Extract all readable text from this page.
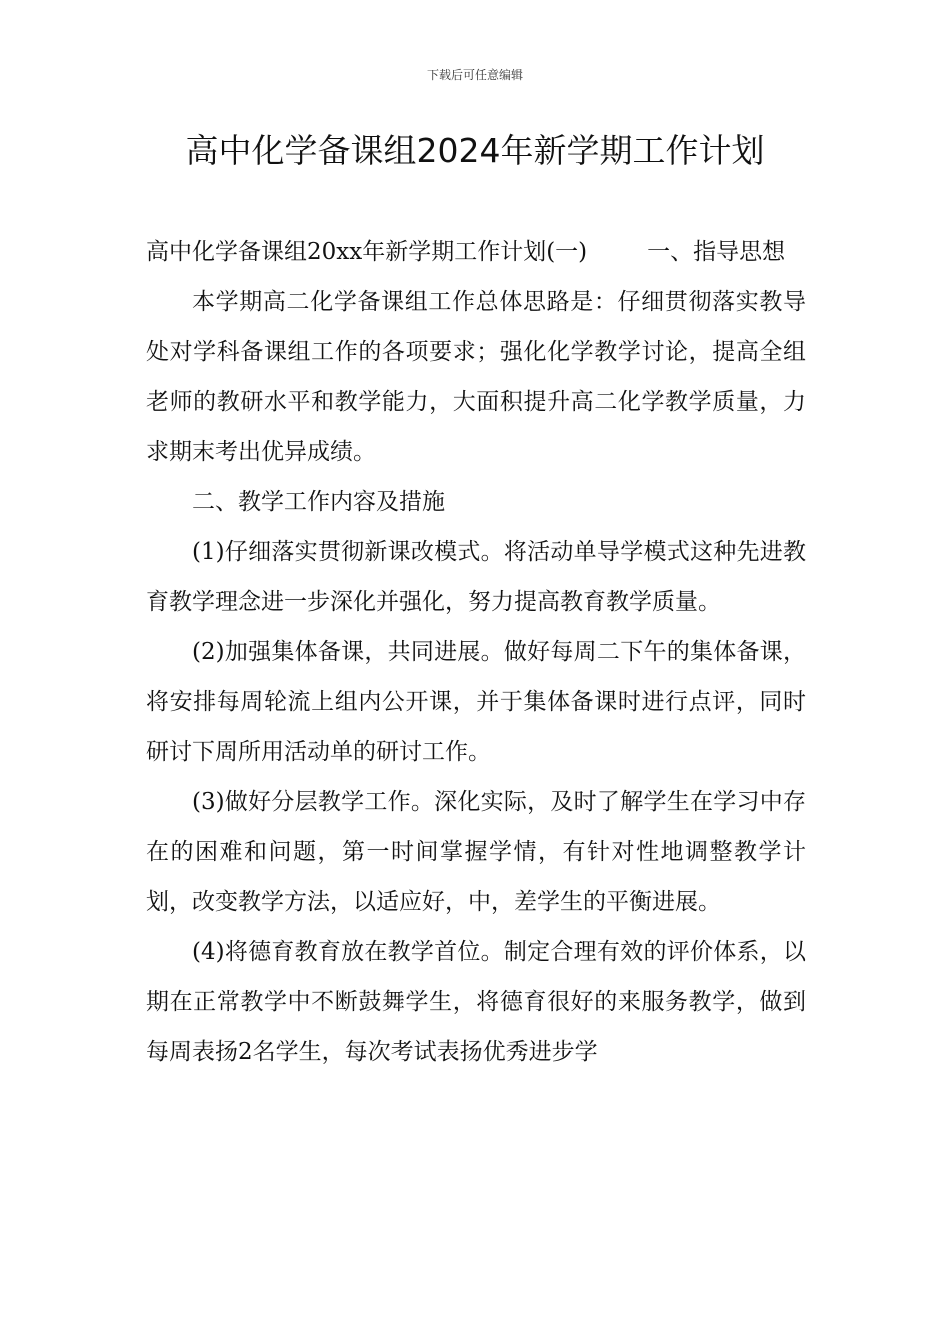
下载后可任意编辑
高中化学备课组2024年新学期工作计划

高中化学备课组20xx年新学期工作计划(一)	一、指导思想

本学期高二化学备课组工作总体思路是：仔细贯彻落实教导处对学科备课组工作的各项要求；强化化学教学讨论，提高全组老师的教研水平和教学能力，大面积提升高二化学教学质量，力求期末考出优异成绩。

二、教学工作内容及措施

(1)仔细落实贯彻新课改模式。将活动单导学模式这种先进教育教学理念进一步深化并强化，努力提高教育教学质量。

(2)加强集体备课，共同进展。做好每周二下午的集体备课，将安排每周轮流上组内公开课，并于集体备课时进行点评，同时研讨下周所用活动单的研讨工作。

(3)做好分层教学工作。深化实际，及时了解学生在学习中存在的困难和问题，第一时间掌握学情，有针对性地调整教学计划，改变教学方法，以适应好，中，差学生的平衡进展。

(4)将德育教育放在教学首位。制定合理有效的评价体系，以期在正常教学中不断鼓舞学生，将德育很好的来服务教学，做到每周表扬2名学生，每次考试表扬优秀进步学
